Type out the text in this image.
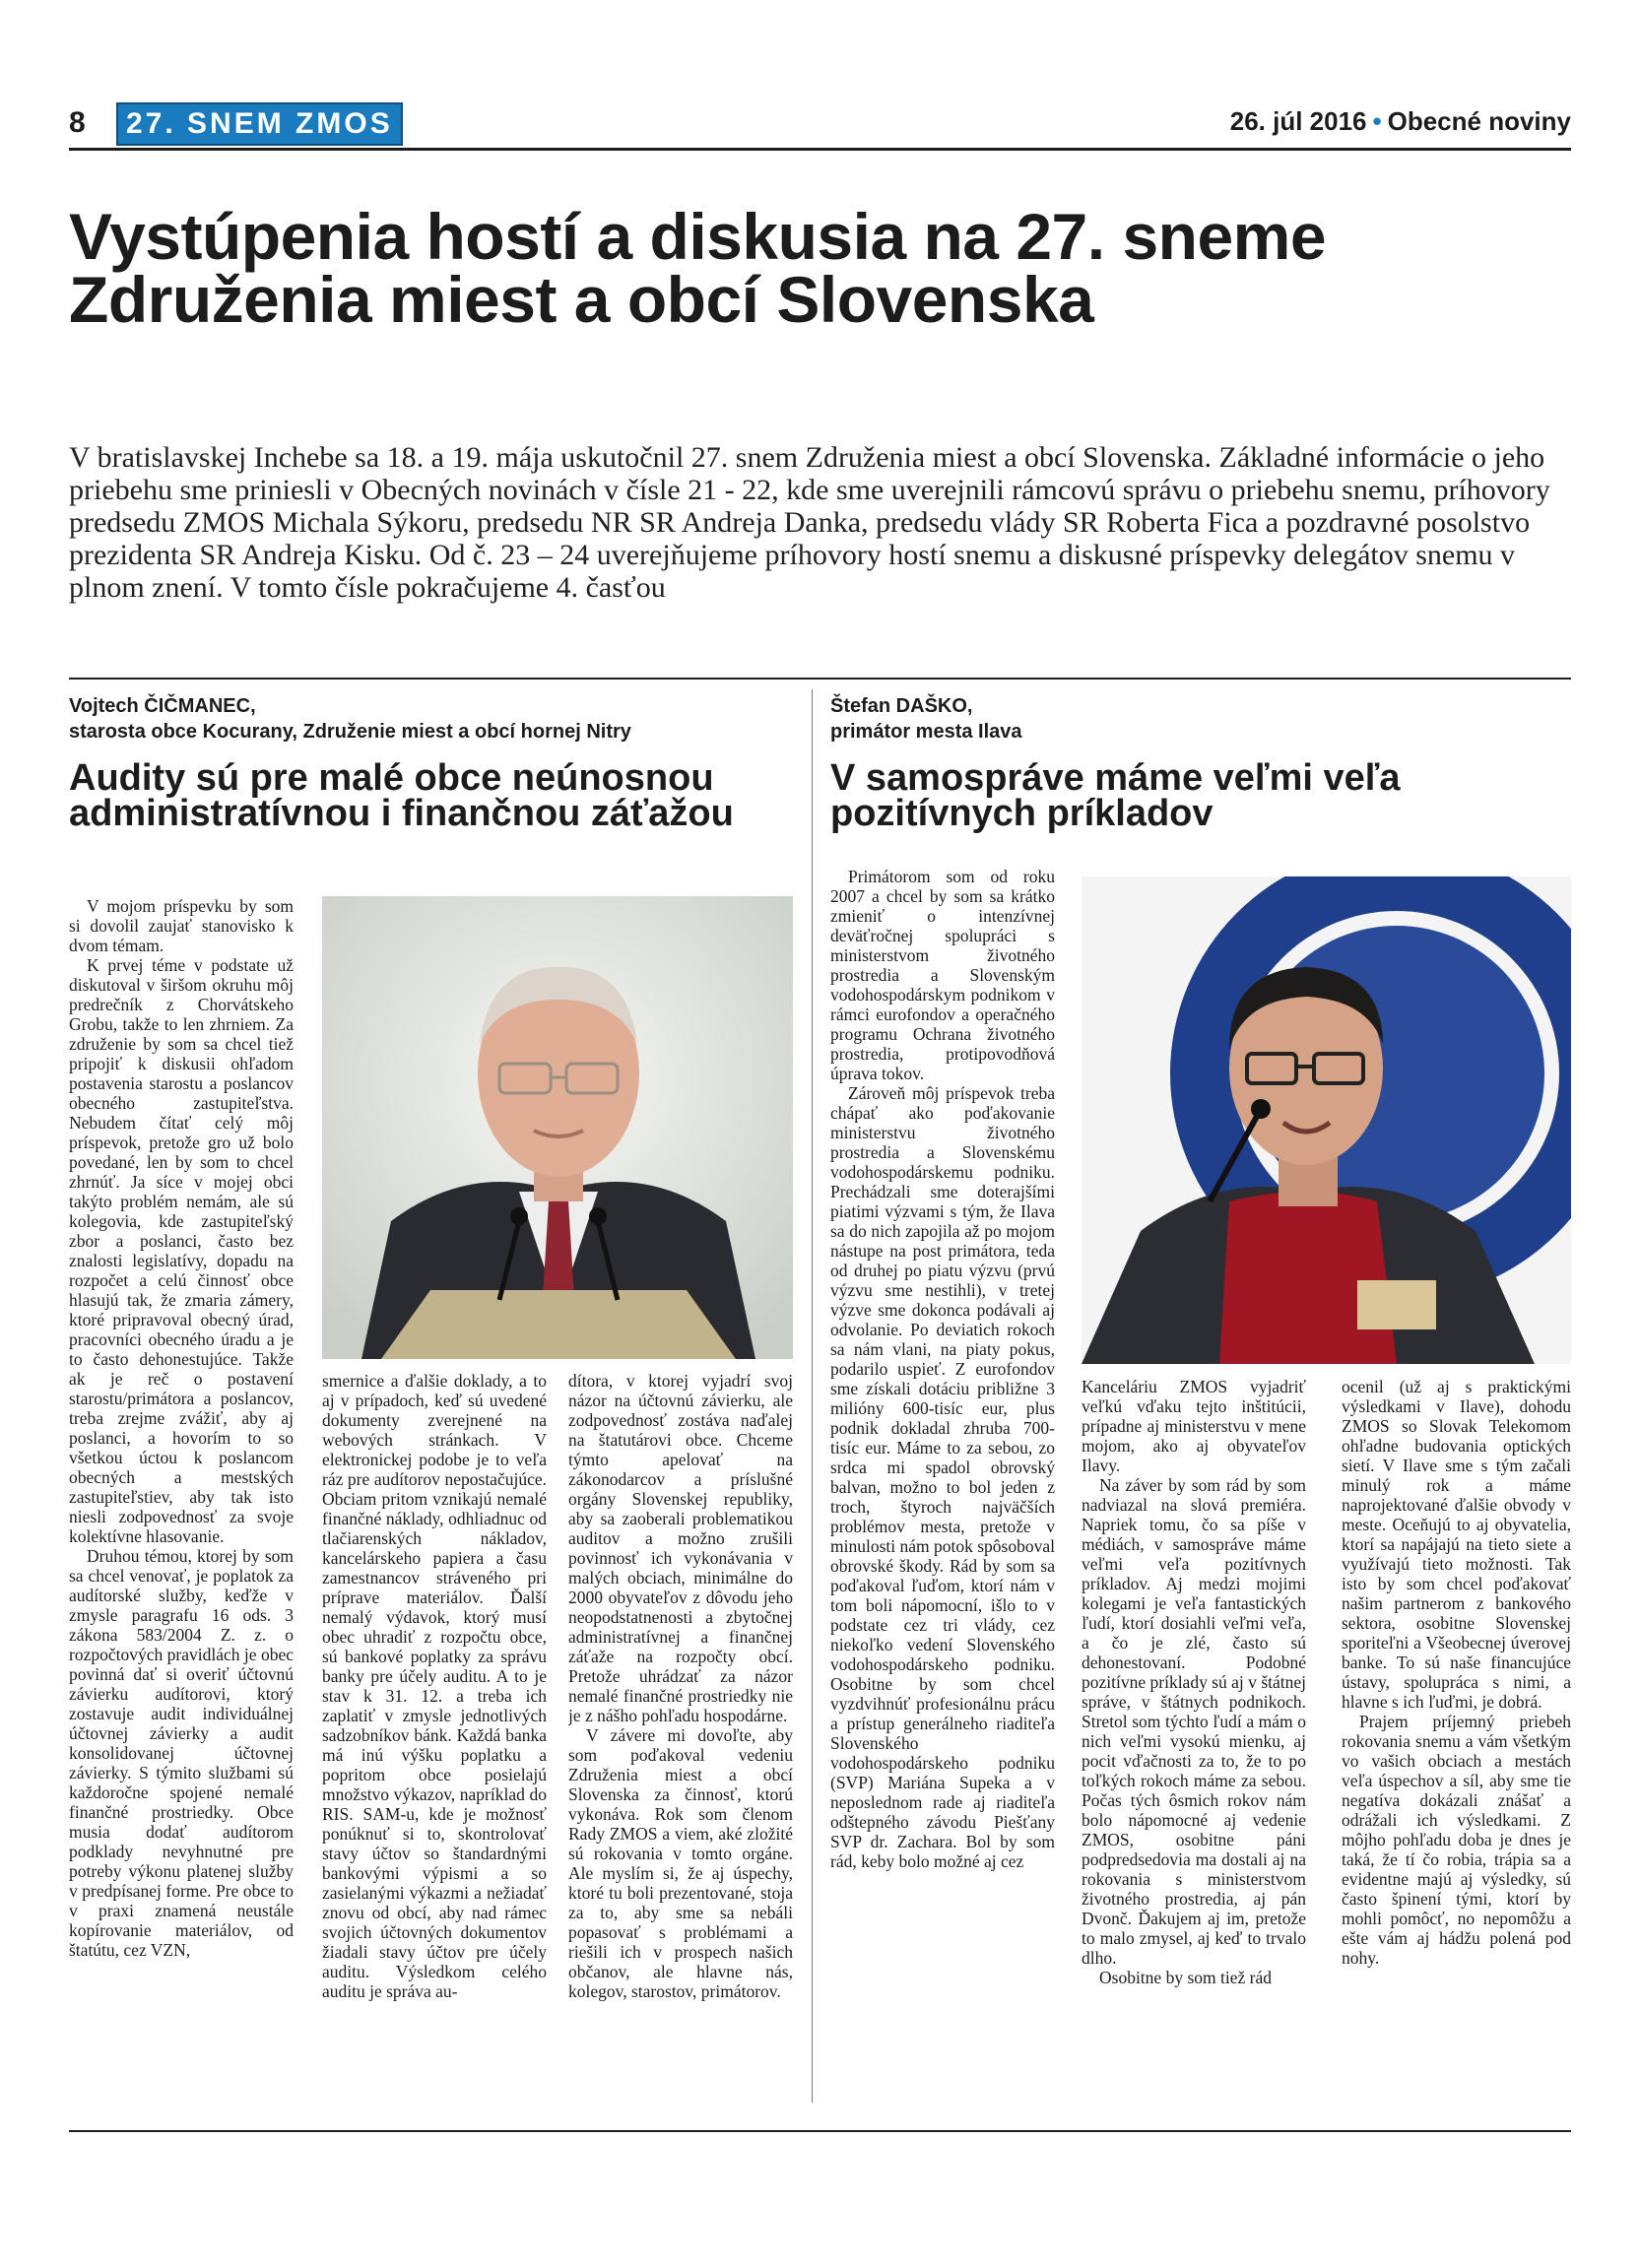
8	27. SNEM ZMOS	26. júl 2016 • Obecné noviny
Vystúpenia hostí a diskusia na 27. sneme Združenia miest a obcí Slovenska
V bratislavskej Inchebe sa 18. a 19. mája uskutočnil 27. snem Združenia miest a obcí Slovenska. Základné informácie o jeho priebehu sme priniesli v Obecných novinách v čísle 21 - 22, kde sme uverejnili rámcovú správu o priebehu snemu, príhovory predsedu ZMOS Michala Sýkoru, predsedu NR SR Andreja Danka, predsedu vlády SR Roberta Fica a pozdravné posolstvo prezidenta SR Andreja Kisku. Od č. 23 – 24 uverejňujeme príhovory hostí snemu a diskusné príspevky delegátov snemu v plnom znení. V tomto čísle pokračujeme 4. časťou
Vojtech ČIČMANEC,
starosta obce Kocurany, Združenie miest a obcí hornej Nitry
Audity sú pre malé obce neúnosnou administratívnou i finančnou záťažou

V mojom príspevku by som si dovolil zaujať stanovisko k dvom témam.

K prvej téme v podstate už diskutoval v širšom okruhu môj predrečník z Chorvátskeho Grobu, takže to len zhrniem. Za združenie by som sa chcel tiež pripojiť k diskusii ohľadom postavenia starostu a poslancov obecného zastupiteľstva. Nebudem čítať celý môj príspevok, pretože gro už bolo povedané, len by som to chcel zhrnúť. Ja síce v mojej obci takýto problém nemám, ale sú kolegovia, kde zastupiteľský zbor a poslanci, často bez znalosti legislatívy, dopadu na rozpočet a celú činnosť obce hlasujú tak, že zmaria zámery, ktoré pripravoval obecný úrad, pracovníci obecného úradu a je to často dehonestujúce. Takže ak je reč o postavení starostu/primátora a poslancov, treba zrejme zvážiť, aby aj poslanci, a hovorím to so všetkou úctou k poslancom obecných a mestských zastupiteľstiev, aby tak isto niesli zodpovednosť za svoje kolektívne hlasovanie.

Druhou témou, ktorej by som sa chcel venovať, je poplatok za audítorské služby, keďže v zmysle paragrafu 16 ods. 3 zákona 583/2004 Z. z. o rozpočtových pravidlách je obec povinná dať si overiť účtovnú závierku audítorovi, ktorý zostavuje audit individuálnej účtovnej závierky a audit konsolidovanej účtovnej závierky. S týmito službami sú každoročne spojené nemalé finančné prostriedky. Obce musia dodať audítorom podklady nevyhnutné pre potreby výkonu platenej služby v predpísanej forme. Pre obce to v praxi znamená neustále kopírovanie materiálov, od štatútu, cez VZN,

smernice a ďalšie doklady, a to aj v prípadoch, keď sú uvedené dokumenty zverejnené na webových stránkach. V elektronickej podobe je to veľa ráz pre audítorov nepostačujúce. Obciam pritom vznikajú nemalé finančné náklady, odhliadnuc od tlačiarenských nákladov, kancelárskeho papiera a času zamestnancov stráveného pri príprave materiálov. Ďalší nemalý výdavok, ktorý musí obec uhradiť z rozpočtu obce, sú bankové poplatky za správu banky pre účely auditu. A to je stav k 31. 12. a treba ich zaplatiť v zmysle jednotlivých sadzobníkov bánk. Každá banka má inú výšku poplatku a popritom obce posielajú množstvo výkazov, napríklad do RIS. SAM-u, kde je možnosť ponúknuť si to, skontrolovať stavy účtov so štandardnými bankovými výpismi a so zasielanými výkazmi a nežiadať znovu od obcí, aby nad rámec svojich účtovných dokumentov žiadali stavy účtov pre účely auditu. Výsledkom celého auditu je správa au-

dítora, v ktorej vyjadrí svoj názor na účtovnú závierku, ale zodpovednosť zostáva naďalej na štatutárovi obce. Chceme týmto apelovať na zákonodarcov a príslušné orgány Slovenskej republiky, aby sa zaoberali problematikou auditov a možno zrušili povinnosť ich vykonávania v malých obciach, minimálne do 2000 obyvateľov z dôvodu jeho neopodstatnenosti a zbytočnej administratívnej a finančnej záťaže na rozpočty obcí. Pretože uhrádzať za názor nemalé finančné prostriedky nie je z nášho pohľadu hospodárne.

V závere mi dovoľte, aby som poďakoval vedeniu Združenia miest a obcí Slovenska za činnosť, ktorú vykonáva. Rok som členom Rady ZMOS a viem, aké zložité sú rokovania v tomto orgáne. Ale myslím si, že aj úspechy, ktoré tu boli prezentované, stoja za to, aby sme sa nebáli popasovať s problémami a riešili ich v prospech našich občanov, ale hlavne nás, kolegov, starostov, primátorov.

Štefan DAŠKO,
primátor mesta Ilava
V samospráve máme veľmi veľa pozitívnych príkladov

Primátorom som od roku 2007 a chcel by som sa krátko zmieniť o intenzívnej deväťročnej spolupráci s ministerstvom životného prostredia a Slovenským vodohospodárskym podnikom v rámci eurofondov a operačného programu Ochrana životného prostredia, protipovodňová úprava tokov.

Zároveň môj príspevok treba chápať ako poďakovanie ministerstvu životného prostredia a Slovenskému vodohospodárskemu podniku. Prechádzali sme doterajšími piatimi výzvami s tým, že Ilava sa do nich zapojila až po mojom nástupe na post primátora, teda od druhej po piatu výzvu (prvú výzvu sme nestihli), v tretej výzve sme dokonca podávali aj odvolanie. Po deviatich rokoch sa nám vlani, na piaty pokus, podarilo uspieť. Z eurofondov sme získali dotáciu približne 3 milióny 600-tisíc eur, plus podnik dokladal zhruba 700-tisíc eur. Máme to za sebou, zo srdca mi spadol obrovský balvan, možno to bol jeden z troch, štyroch najväčších problémov mesta, pretože v minulosti nám potok spôsoboval obrovské škody. Rád by som sa poďakoval ľuďom, ktorí nám v tom boli nápomocní, išlo to v podstate cez tri vlády, cez niekoľko vedení Slovenského vodohospodárskeho podniku. Osobitne by som chcel vyzdvihnúť profesionálnu prácu a prístup generálneho riaditeľa Slovenského vodohospodárskeho podniku (SVP) Mariána Supeka a v neposlednom rade aj riaditeľa odštepného závodu Piešťany SVP dr. Zachara. Bol by som rád, keby bolo možné aj cez

Kanceláriu ZMOS vyjadriť veľkú vďaku tejto inštitúcii, prípadne aj ministerstvu v mene mojom, ako aj obyvateľov Ilavy.

Na záver by som rád by som nadviazal na slová premiéra. Napriek tomu, čo sa píše v médiách, v samospráve máme veľmi veľa pozitívnych príkladov. Aj medzi mojimi kolegami je veľa fantastických ľudí, ktorí dosiahli veľmi veľa, a čo je zlé, často sú dehonestovaní. Podobné pozitívne príklady sú aj v štátnej správe, v štátnych podnikoch. Stretol som týchto ľudí a mám o nich veľmi vysokú mienku, aj pocit vďačnosti za to, že to po toľkých rokoch máme za sebou. Počas tých ôsmich rokov nám bolo nápomocné aj vedenie ZMOS, osobitne páni podpredsedovia ma dostali aj na rokovania s ministerstvom životného prostredia, aj pán Dvonč. Ďakujem aj im, pretože to malo zmysel, aj keď to trvalo dlho.

Osobitne by som tiež rád

ocenil (už aj s praktickými výsledkami v Ilave), dohodu ZMOS so Slovak Telekomom ohľadne budovania optických sietí. V Ilave sme s tým začali minulý rok a máme naprojektované ďalšie obvody v meste. Oceňujú to aj obyvatelia, ktorí sa napájajú na tieto siete a využívajú tieto možnosti. Tak isto by som chcel poďakovať našim partnerom z bankového sektora, osobitne Slovenskej sporiteľni a Všeobecnej úverovej banke. To sú naše financujúce ústavy, spolupráca s nimi, a hlavne s ich ľuďmi, je dobrá.

Prajem príjemný priebeh rokovania snemu a vám všetkým vo vašich obciach a mestách veľa úspechov a síl, aby sme tie negatíva dokázali znášať a odrážali ich výsledkami. Z môjho pohľadu doba je dnes je taká, že tí čo robia, trápia sa a evidentne majú aj výsledky, sú často špinení tými, ktorí by mohli pomôcť, no nepomôžu a ešte vám aj hádžu polená pod nohy.
